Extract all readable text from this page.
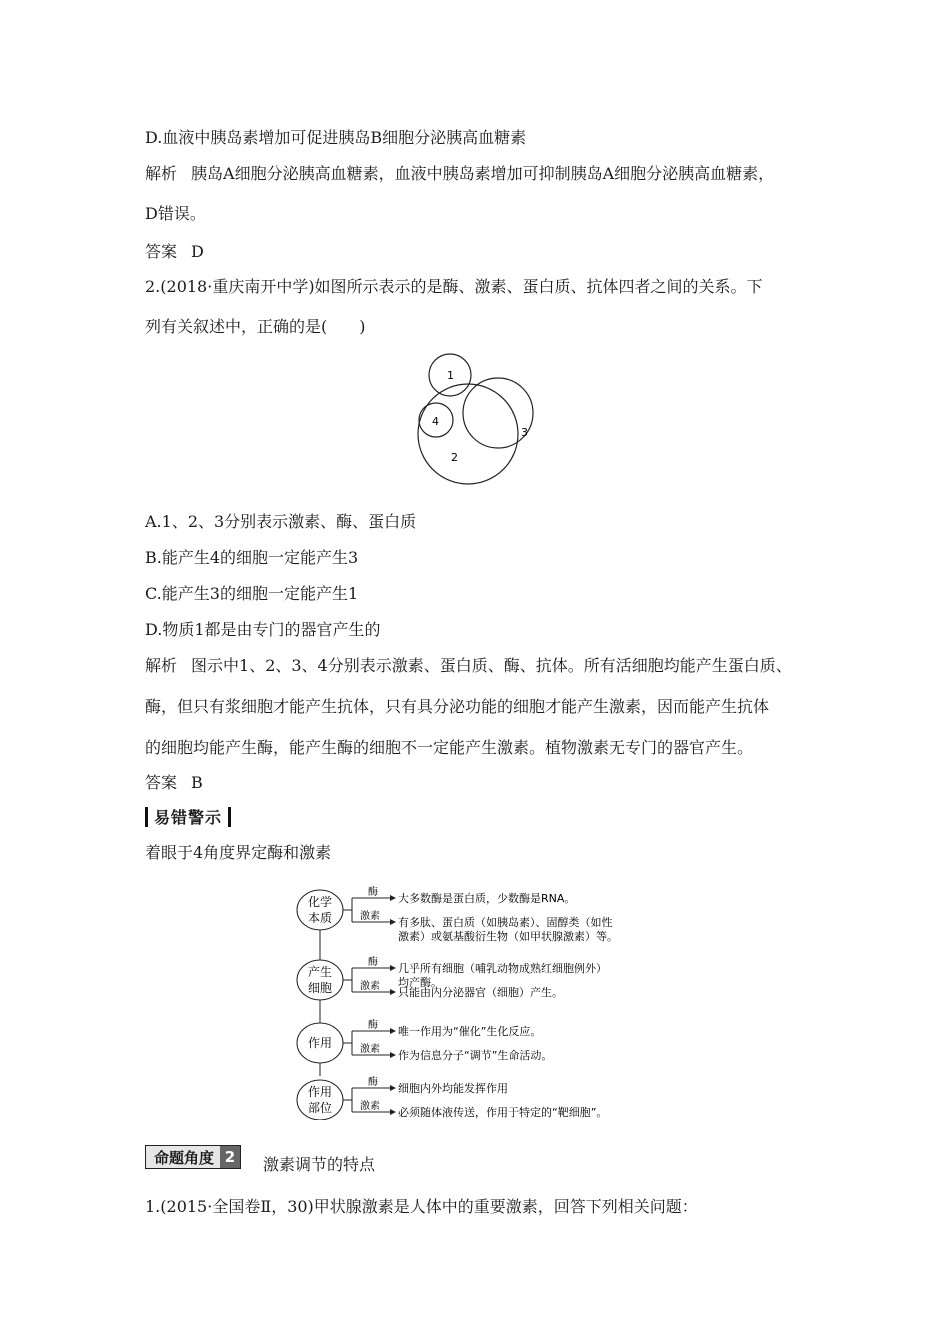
D.血液中胰岛素增加可促进胰岛B细胞分泌胰高血糖素
解析 胰岛A细胞分泌胰高血糖素，血液中胰岛素增加可抑制胰岛A细胞分泌胰高血糖素，
D错误。
答案 D
2.(2018·重庆南开中学)如图所示表示的是酶、激素、蛋白质、抗体四者之间的关系。下
列有关叙述中，正确的是(　　)
1
4
3
2
A.1、2、3分别表示激素、酶、蛋白质
B.能产生4的细胞一定能产生3
C.能产生3的细胞一定能产生1
D.物质1都是由专门的器官产生的
解析 图示中1、2、3、4分别表示激素、蛋白质、酶、抗体。所有活细胞均能产生蛋白质、
酶，但只有浆细胞才能产生抗体，只有具分泌功能的细胞才能产生激素，因而能产生抗体
的细胞均能产生酶，能产生酶的细胞不一定能产生激素。植物激素无专门的器官产生。
答案 B
易错警示
着眼于4角度界定酶和激素
化学
本质
酶
激素
大多数酶是蛋白质，少数酶是RNA。
有多肽、蛋白质（如胰岛素）、固醇类（如性
激素）或氨基酸衍生物（如甲状腺激素）等。
产生
细胞
酶
激素
几乎所有细胞（哺乳动物成熟红细胞例外）
均产酶。
只能由内分泌器官（细胞）产生。
作用
酶
激素
唯一作用为“催化”生化反应。
作为信息分子“调节”生命活动。
作用
部位
酶
激素
细胞内外均能发挥作用
必须随体液传送，作用于特定的“靶细胞”。
命题角度 2 激素调节的特点
1.(2015·全国卷Ⅱ，30)甲状腺激素是人体中的重要激素，回答下列相关问题：
